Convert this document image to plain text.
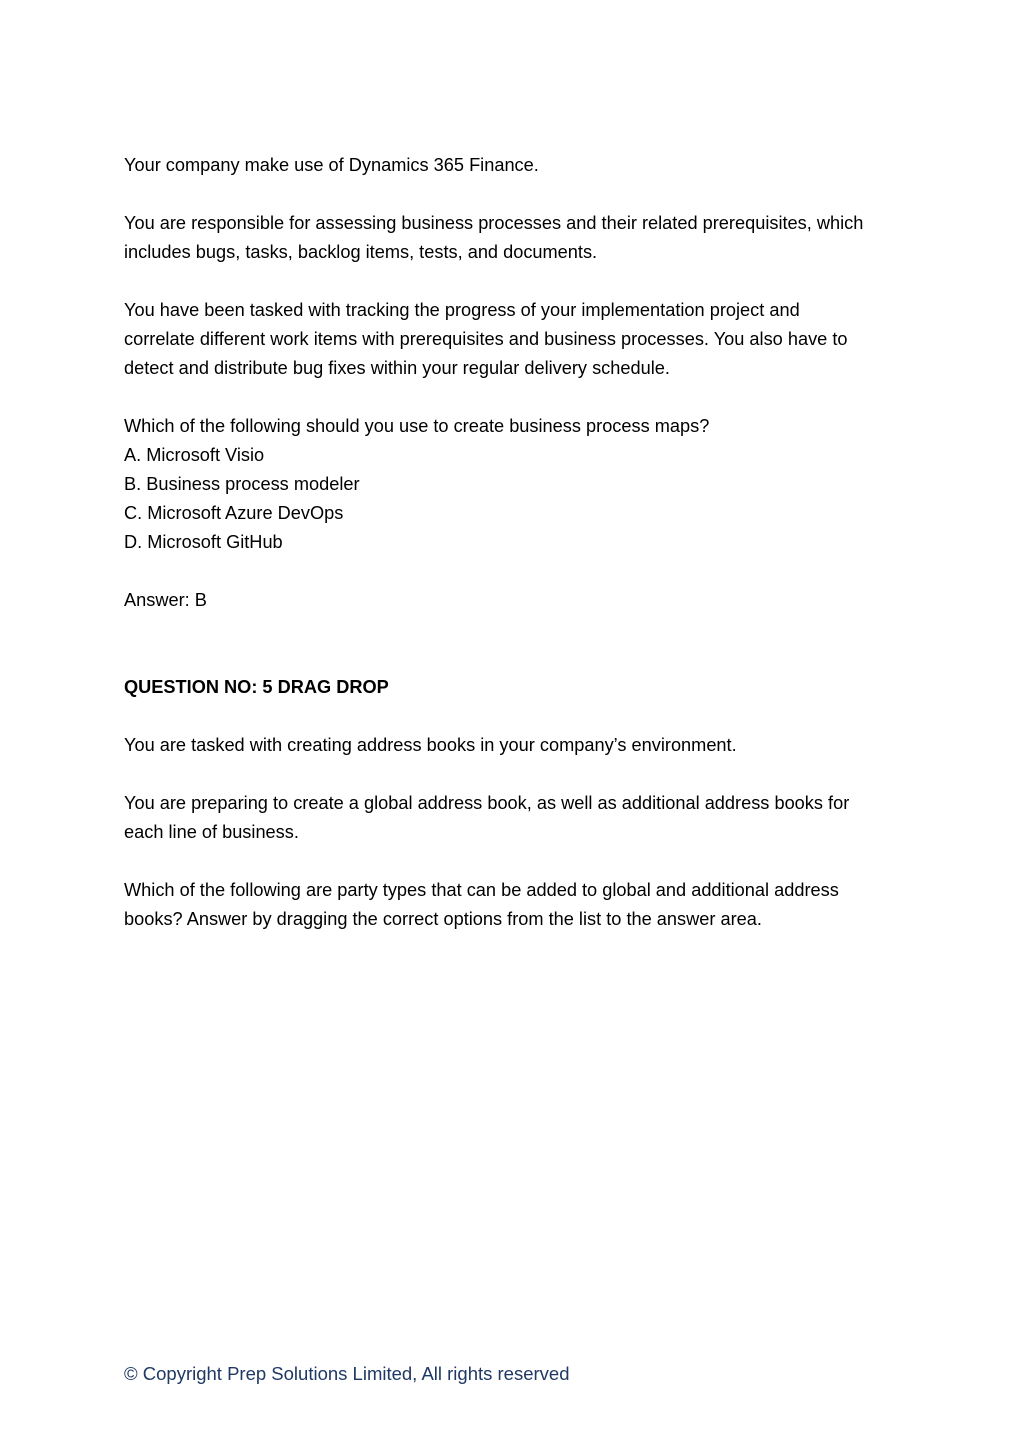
Your company make use of Dynamics 365 Finance.

You are responsible for assessing business processes and their related prerequisites, which

includes bugs, tasks, backlog items, tests, and documents.

You have been tasked with tracking the progress of your implementation project and

correlate different work items with prerequisites and business processes. You also have to

detect and distribute bug fixes within your regular delivery schedule.

Which of the following should you use to create business process maps?

A. Microsoft Visio

B. Business process modeler

C. Microsoft Azure DevOps

D. Microsoft GitHub

Answer: B

QUESTION NO: 5 DRAG DROP

You are tasked with creating address books in your company’s environment.

You are preparing to create a global address book, as well as additional address books for

each line of business.

Which of the following are party types that can be added to global and additional address

books? Answer by dragging the correct options from the list to the answer area.

© Copyright Prep Solutions Limited, All rights reserved
